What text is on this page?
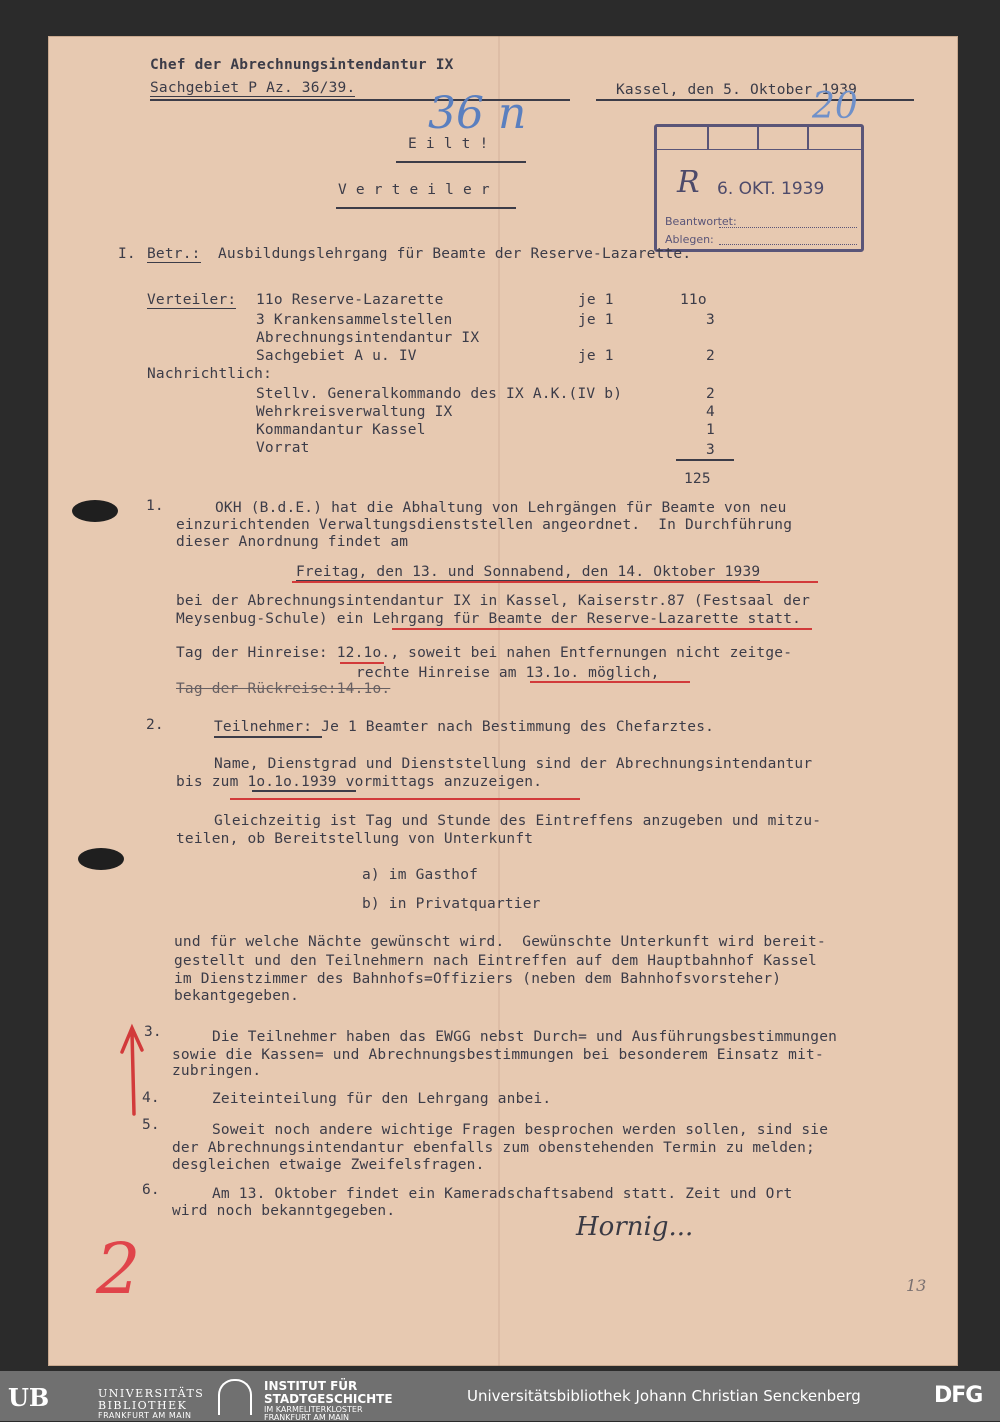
Chef der Abrechnungsintendantur IX
Sachgebiet P Az. 36/39.	Kassel, den 5. Oktober 1939
36 n	20
E i l t !
V e r t e i l e r	R 6. OKT. 1939
Beantwortet:
Ablegen:
I. Betr.: Ausbildungslehrgang für Beamte der Reserve-Lazarette.
Verteiler: 11o Reserve-Lazarette	je 1	11o
3 Krankensammelstellen	je 1	3
Abrechnungsintendantur IX
Sachgebiet A u. IV	je 1	2
Nachrichtlich:
Stellv. Generalkommando des IX A.K.(IV b)	2
Wehrkreisverwaltung IX	4
Kommandantur Kassel	1
Vorrat	3
125
1.	OKH (B.d.E.) hat die Abhaltung von Lehrgängen für Beamte von neu
einzurichtenden Verwaltungsdienststellen angeordnet.  In Durchführung
dieser Anordnung findet am
Freitag, den 13. und Sonnabend, den 14. Oktober 1939
bei der Abrechnungsintendantur IX in Kassel, Kaiserstr.87 (Festsaal der
Meysenbug-Schule) ein Lehrgang für Beamte der Reserve-Lazarette statt.
Tag der Hinreise: 12.1o., soweit bei nahen Entfernungen nicht zeitge-
rechte Hinreise am 13.1o. möglich,
Tag der Rückreise:14.1o.
2.	Teilnehmer: Je 1 Beamter nach Bestimmung des Chefarztes.
Name, Dienstgrad und Dienststellung sind der Abrechnungsintendantur
bis zum 1o.1o.1939 vormittags anzuzeigen.
Gleichzeitig ist Tag und Stunde des Eintreffens anzugeben und mitzu-
teilen, ob Bereitstellung von Unterkunft
a) im Gasthof
b) in Privatquartier
und für welche Nächte gewünscht wird.  Gewünschte Unterkunft wird bereit-
gestellt und den Teilnehmern nach Eintreffen auf dem Hauptbahnhof Kassel
im Dienstzimmer des Bahnhofs=Offiziers (neben dem Bahnhofsvorsteher)
bekantgegeben.
3.	Die Teilnehmer haben das EWGG nebst Durch= und Ausführungsbestimmungen
sowie die Kassen= und Abrechnungsbestimmungen bei besonderem Einsatz mit-
zubringen.
4.	Zeiteinteilung für den Lehrgang anbei.
5.	Soweit noch andere wichtige Fragen besprochen werden sollen, sind sie
der Abrechnungsintendantur ebenfalls zum obenstehenden Termin zu melden;
desgleichen etwaige Zweifelsfragen.
6.	Am 13. Oktober findet ein Kameradschaftsabend statt. Zeit und Ort
wird noch bekanntgegeben.
Hornig...
2	13
UB	UNIVERSITÄTS
BIBLIOTHEK
FRANKFURT AM MAIN
INSTITUT FÜR
STADTGESCHICHTE
IM KARMELITERKLOSTER
FRANKFURT AM MAIN
Universitätsbibliothek Johann Christian Senckenberg	DFG
